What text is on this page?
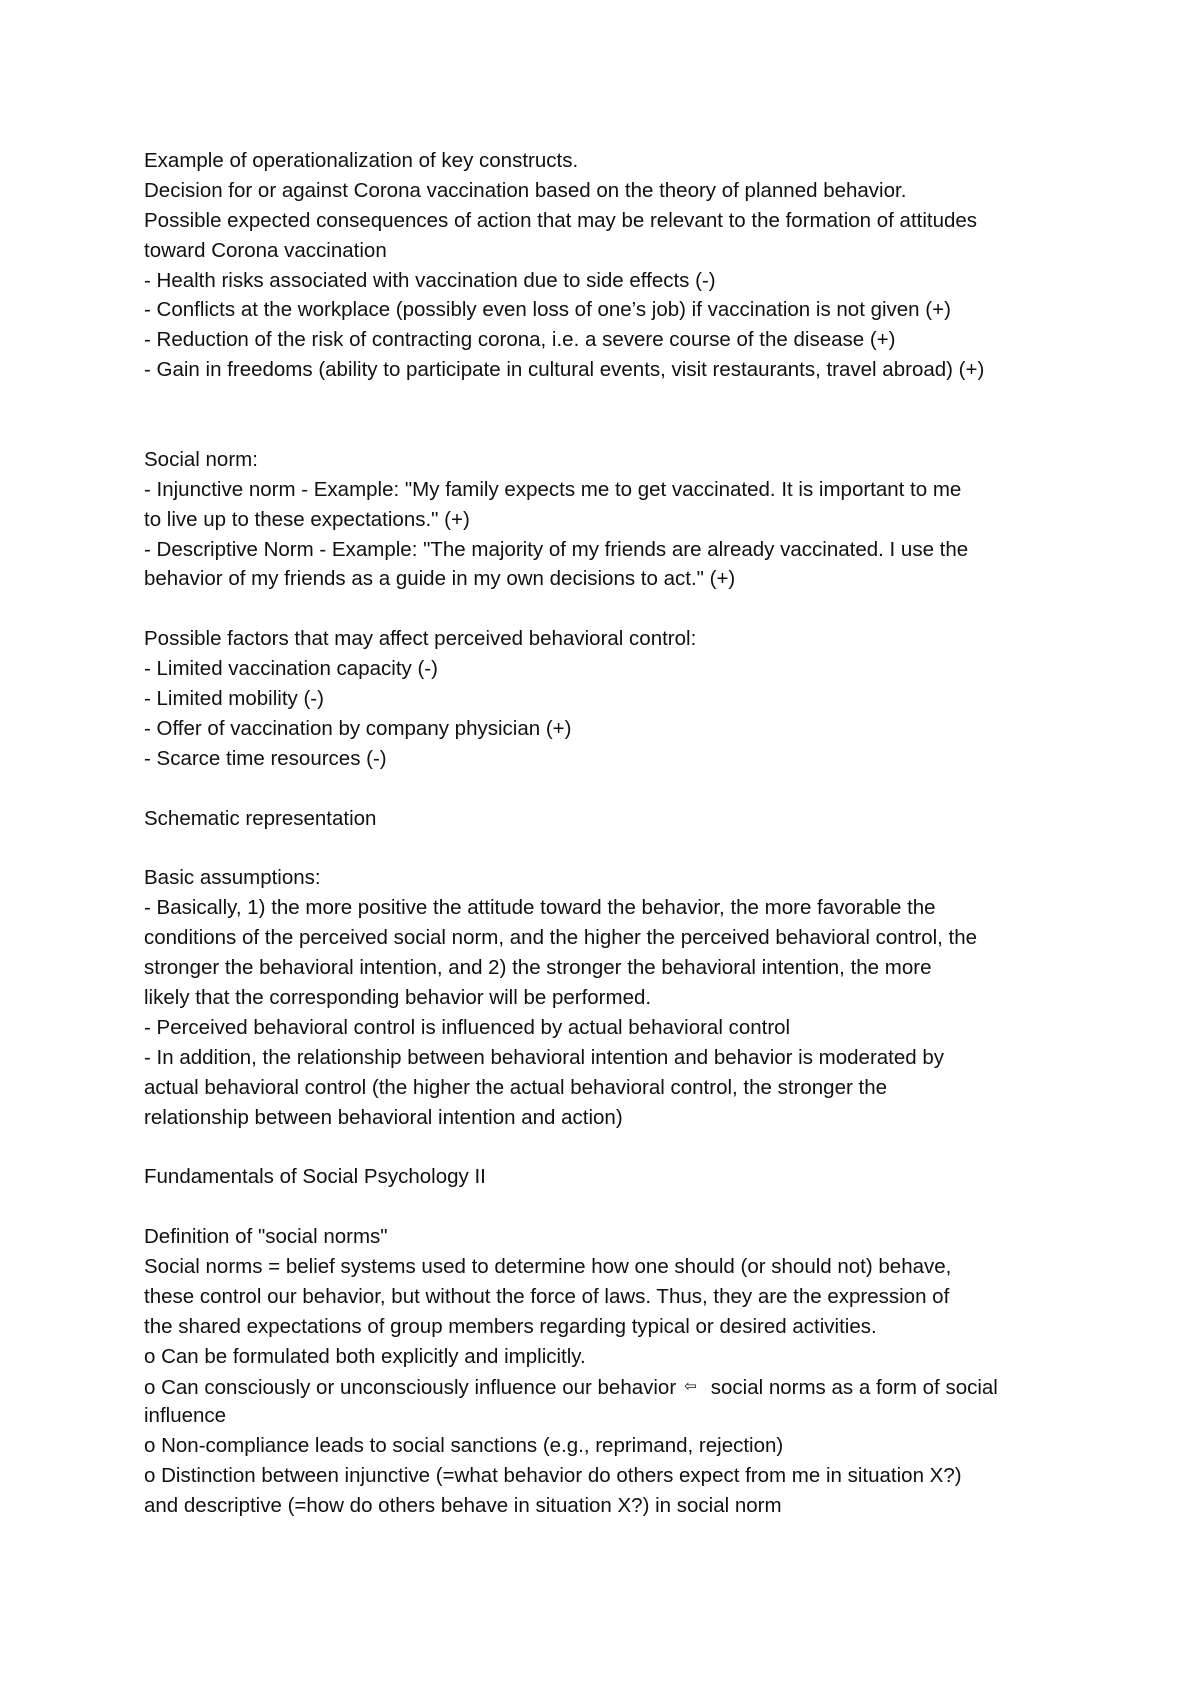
Example of operationalization of key constructs.
Decision for or against Corona vaccination based on the theory of planned behavior.
Possible expected consequences of action that may be relevant to the formation of attitudes
toward Corona vaccination
- Health risks associated with vaccination due to side effects (-)
- Conflicts at the workplace (possibly even loss of one’s job) if vaccination is not given (+)
- Reduction of the risk of contracting corona, i.e. a severe course of the disease (+)
- Gain in freedoms (ability to participate in cultural events, visit restaurants, travel abroad) (+)
Social norm:
- Injunctive norm - Example: "My family expects me to get vaccinated. It is important to me
to live up to these expectations." (+)
- Descriptive Norm - Example: "The majority of my friends are already vaccinated. I use the
behavior of my friends as a guide in my own decisions to act." (+)
Possible factors that may affect perceived behavioral control:
- Limited vaccination capacity (-)
- Limited mobility (-)
- Offer of vaccination by company physician (+)
- Scarce time resources (-)
Schematic representation
Basic assumptions:
- Basically, 1) the more positive the attitude toward the behavior, the more favorable the
conditions of the perceived social norm, and the higher the perceived behavioral control, the
stronger the behavioral intention, and 2) the stronger the behavioral intention, the more
likely that the corresponding behavior will be performed.
- Perceived behavioral control is influenced by actual behavioral control
- In addition, the relationship between behavioral intention and behavior is moderated by
actual behavioral control (the higher the actual behavioral control, the stronger the
relationship between behavioral intention and action)
Fundamentals of Social Psychology II
Definition of "social norms"
Social norms = belief systems used to determine how one should (or should not) behave,
these control our behavior, but without the force of laws. Thus, they are the expression of
the shared expectations of group members regarding typical or desired activities.
o Can be formulated both explicitly and implicitly.
o Can consciously or unconsciously influence our behavior ⇦ social norms as a form of social
influence
o Non-compliance leads to social sanctions (e.g., reprimand, rejection)
o Distinction between injunctive (=what behavior do others expect from me in situation X?)
and descriptive (=how do others behave in situation X?) in social norm
